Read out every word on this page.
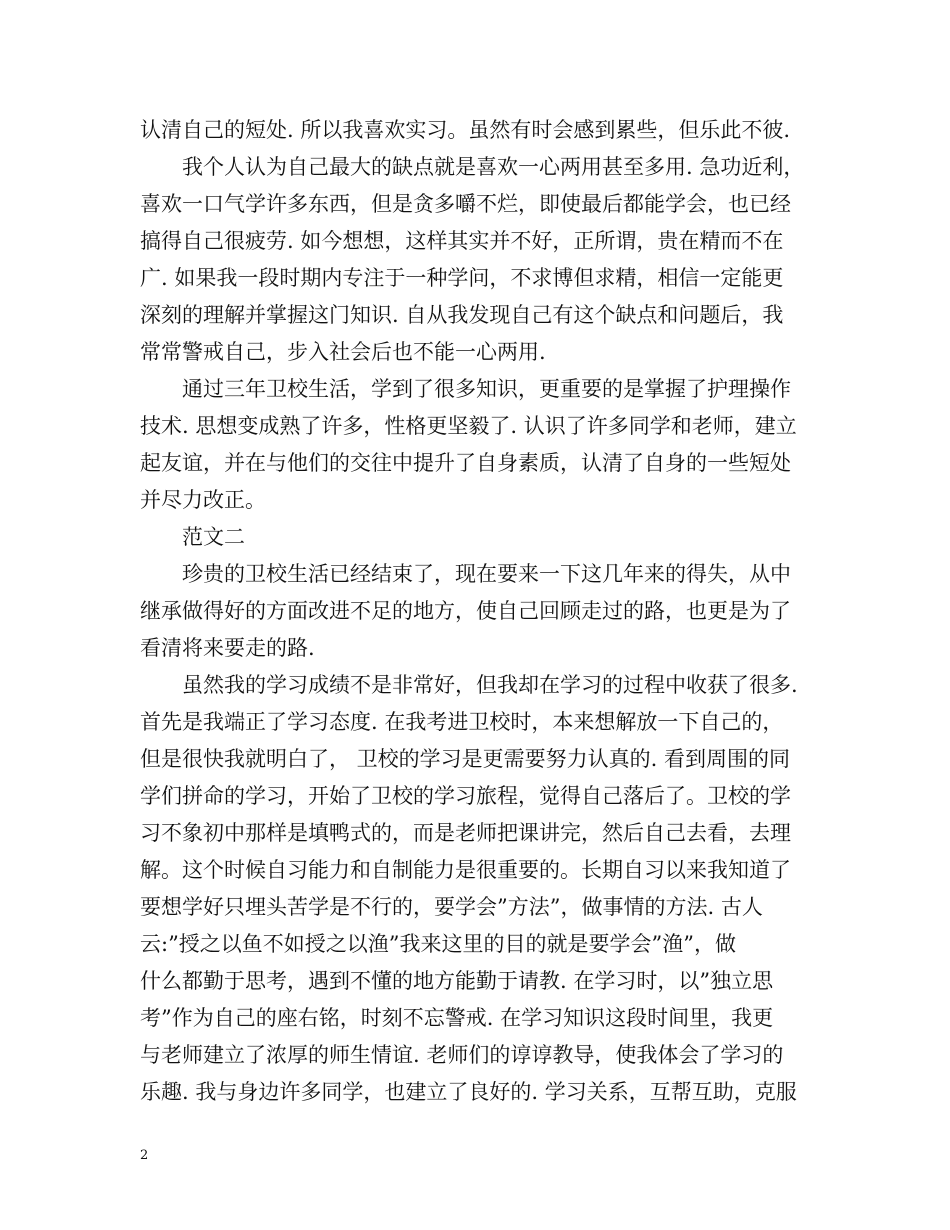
认清自己的短处. 所以我喜欢实习。虽然有时会感到累些，但乐此不彼.
我个人认为自己最大的缺点就是喜欢一心两用甚至多用. 急功近利，
喜欢一口气学许多东西，但是贪多嚼不烂，即使最后都能学会，也已经
搞得自己很疲劳. 如今想想，这样其实并不好，正所谓，贵在精而不在
广. 如果我一段时期内专注于一种学问，不求博但求精，相信一定能更
深刻的理解并掌握这门知识. 自从我发现自己有这个缺点和问题后，我
常常警戒自己，步入社会后也不能一心两用.
通过三年卫校生活，学到了很多知识，更重要的是掌握了护理操作
技术. 思想变成熟了许多，性格更坚毅了. 认识了许多同学和老师，建立
起友谊，并在与他们的交往中提升了自身素质，认清了自身的一些短处
并尽力改正。
范文二
珍贵的卫校生活已经结束了，现在要来一下这几年来的得失，从中
继承做得好的方面改进不足的地方，使自己回顾走过的路，也更是为了
看清将来要走的路.
虽然我的学习成绩不是非常好，但我却在学习的过程中收获了很多.
首先是我端正了学习态度. 在我考进卫校时，本来想解放一下自己的，
但是很快我就明白了， 卫校的学习是更需要努力认真的. 看到周围的同
学们拼命的学习，开始了卫校的学习旅程，觉得自己落后了。卫校的学
习不象初中那样是填鸭式的，而是老师把课讲完，然后自己去看，去理
解。这个时候自习能力和自制能力是很重要的。长期自习以来我知道了
要想学好只埋头苦学是不行的，要学会”方法”，做事情的方法. 古人
云:”授之以鱼不如授之以渔”我来这里的目的就是要学会”渔”，做
什么都勤于思考，遇到不懂的地方能勤于请教. 在学习时，以”独立思
考”作为自己的座右铭，时刻不忘警戒. 在学习知识这段时间里，我更
与老师建立了浓厚的师生情谊. 老师们的谆谆教导，使我体会了学习的
乐趣. 我与身边许多同学，也建立了良好的. 学习关系，互帮互助，克服
2
